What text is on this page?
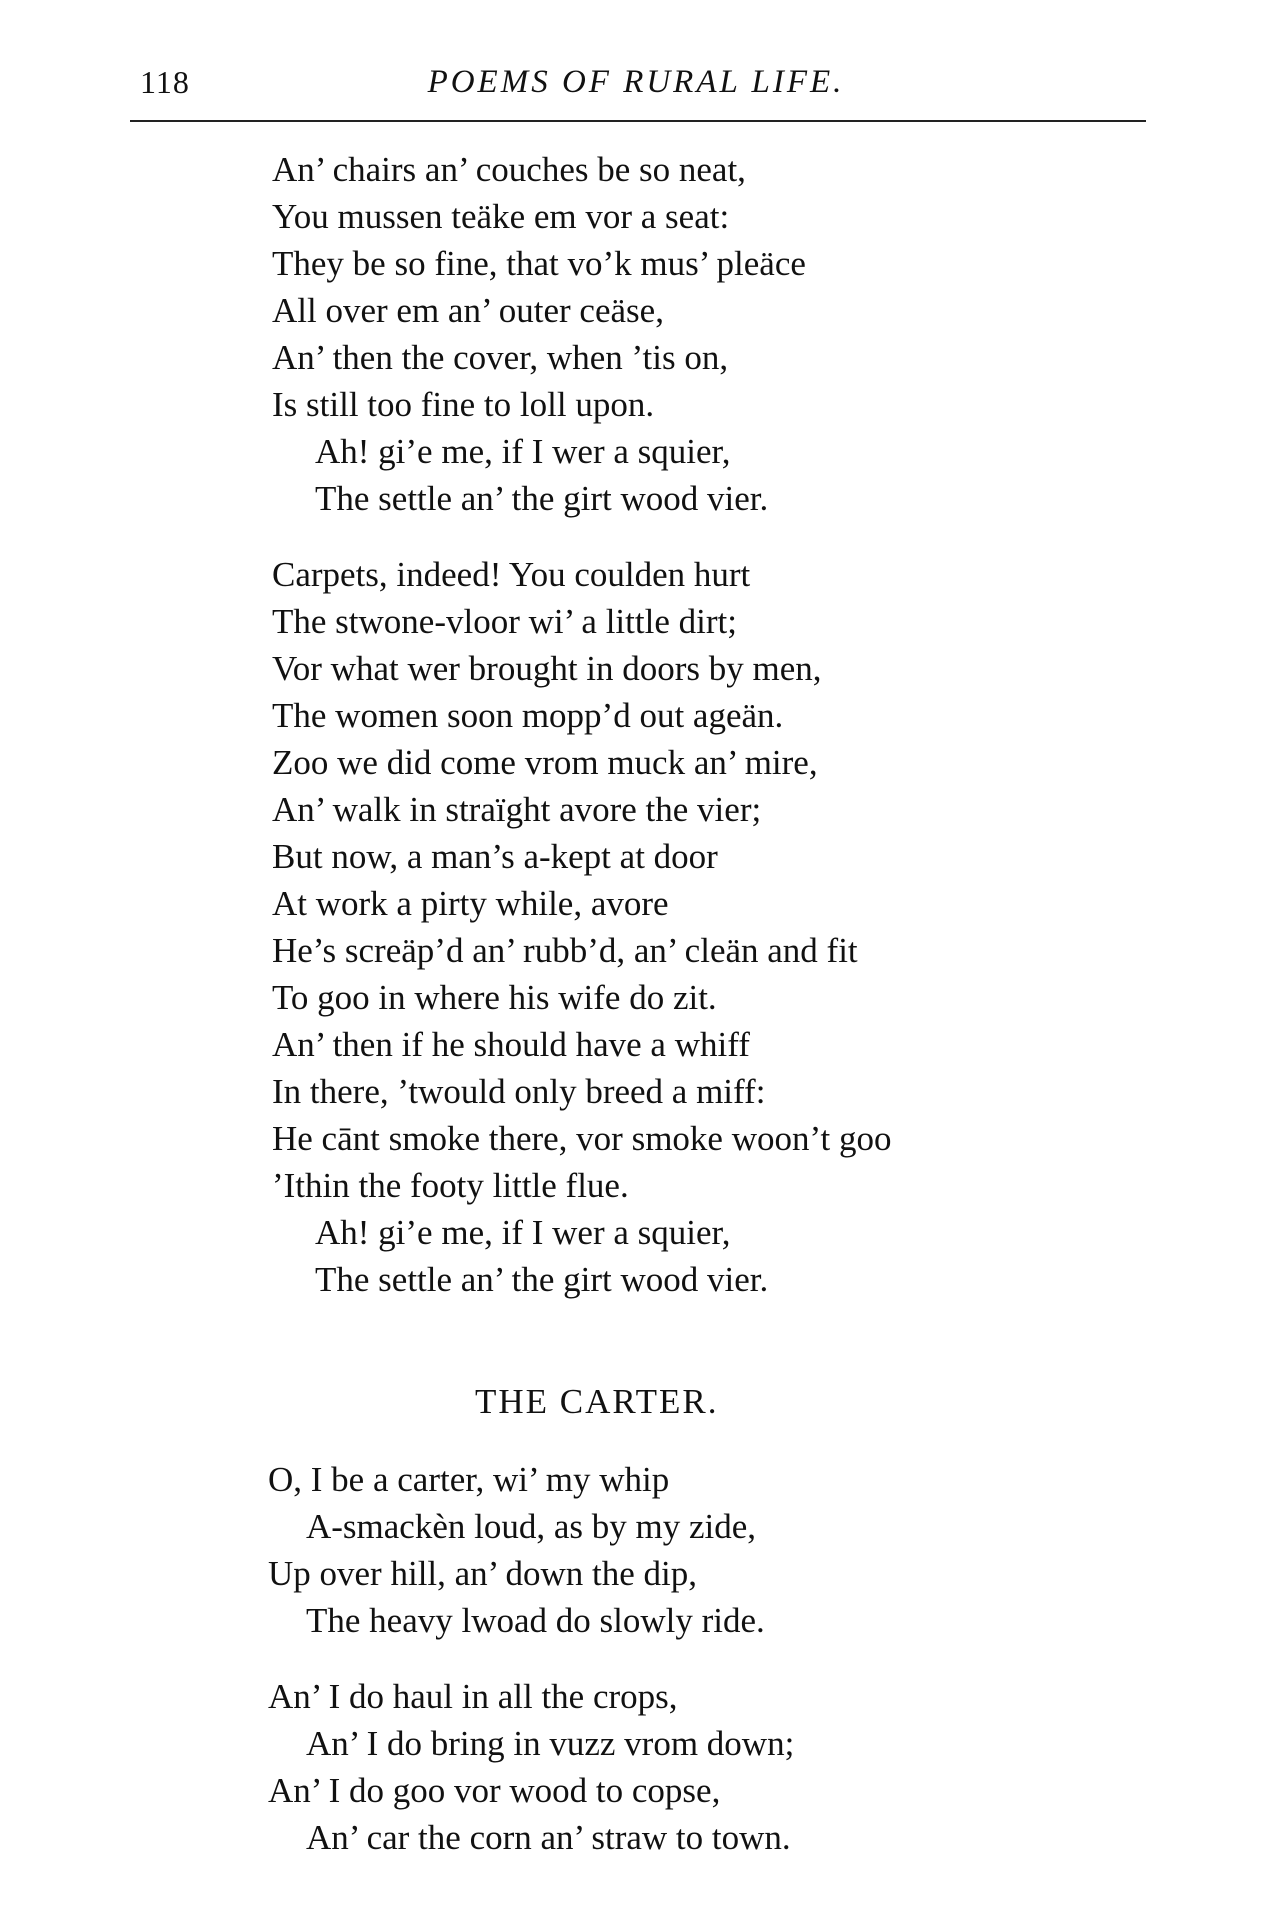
118	POEMS OF RURAL LIFE.
An’ chairs an’ couches be so neat,
You mussen teäke em vor a seat:
They be so fine, that vo’k mus’ pleäce
All over em an’ outer ceäse,
An’ then the cover, when ’tis on,
Is still too fine to loll upon.
Ah! gi’e me, if I wer a squier,
The settle an’ the girt wood vier.
Carpets, indeed! You coulden hurt
The stwone-vloor wi’ a little dirt;
Vor what wer brought in doors by men,
The women soon mopp’d out ageän.
Zoo we did come vrom muck an’ mire,
An’ walk in straïght avore the vier;
But now, a man’s a-kept at door
At work a pirty while, avore
He’s screäp’d an’ rubb’d, an’ cleän and fit
To goo in where his wife do zit.
An’ then if he should have a whiff
In there, ’twould only breed a miff:
He cānt smoke there, vor smoke woon’t goo
’Ithin the footy little flue.
Ah! gi’e me, if I wer a squier,
The settle an’ the girt wood vier.
THE CARTER.
O, I be a carter, wi’ my whip
A-smackèn loud, as by my zide,
Up over hill, an’ down the dip,
The heavy lwoad do slowly ride.
An’ I do haul in all the crops,
An’ I do bring in vuzz vrom down;
An’ I do goo vor wood to copse,
An’ car the corn an’ straw to town.
